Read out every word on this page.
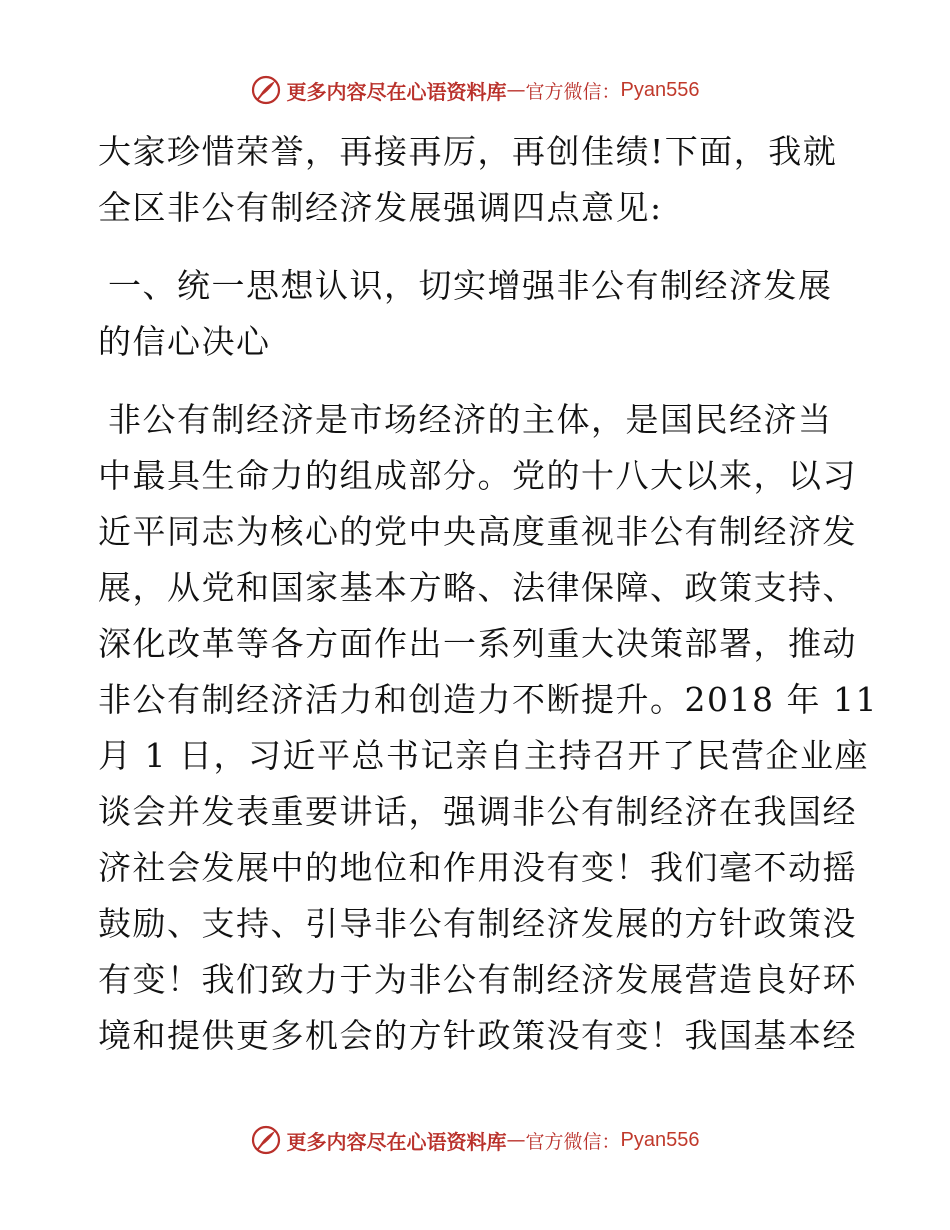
更多内容尽在心语资料库 — 官方微信： Pyan556
大家珍惜荣誉，再接再厉，再创佳绩!下面，我就
全区非公有制经济发展强调四点意见:
一、统一思想认识，切实增强非公有制经济发展
的信心决心
非公有制经济是市场经济的主体，是国民经济当
中最具生命力的组成部分。党的十八大以来，以习
近平同志为核心的党中央高度重视非公有制经济发
展，从党和国家基本方略、法律保障、政策支持、
深化改革等各方面作出一系列重大决策部署，推动
非公有制经济活力和创造力不断提升。2018 年 11
月 1 日，习近平总书记亲自主持召开了民营企业座
谈会并发表重要讲话，强调非公有制经济在我国经
济社会发展中的地位和作用没有变！我们毫不动摇
鼓励、支持、引导非公有制经济发展的方针政策没
有变！我们致力于为非公有制经济发展营造良好环
境和提供更多机会的方针政策没有变！我国基本经
更多内容尽在心语资料库 — 官方微信： Pyan556
